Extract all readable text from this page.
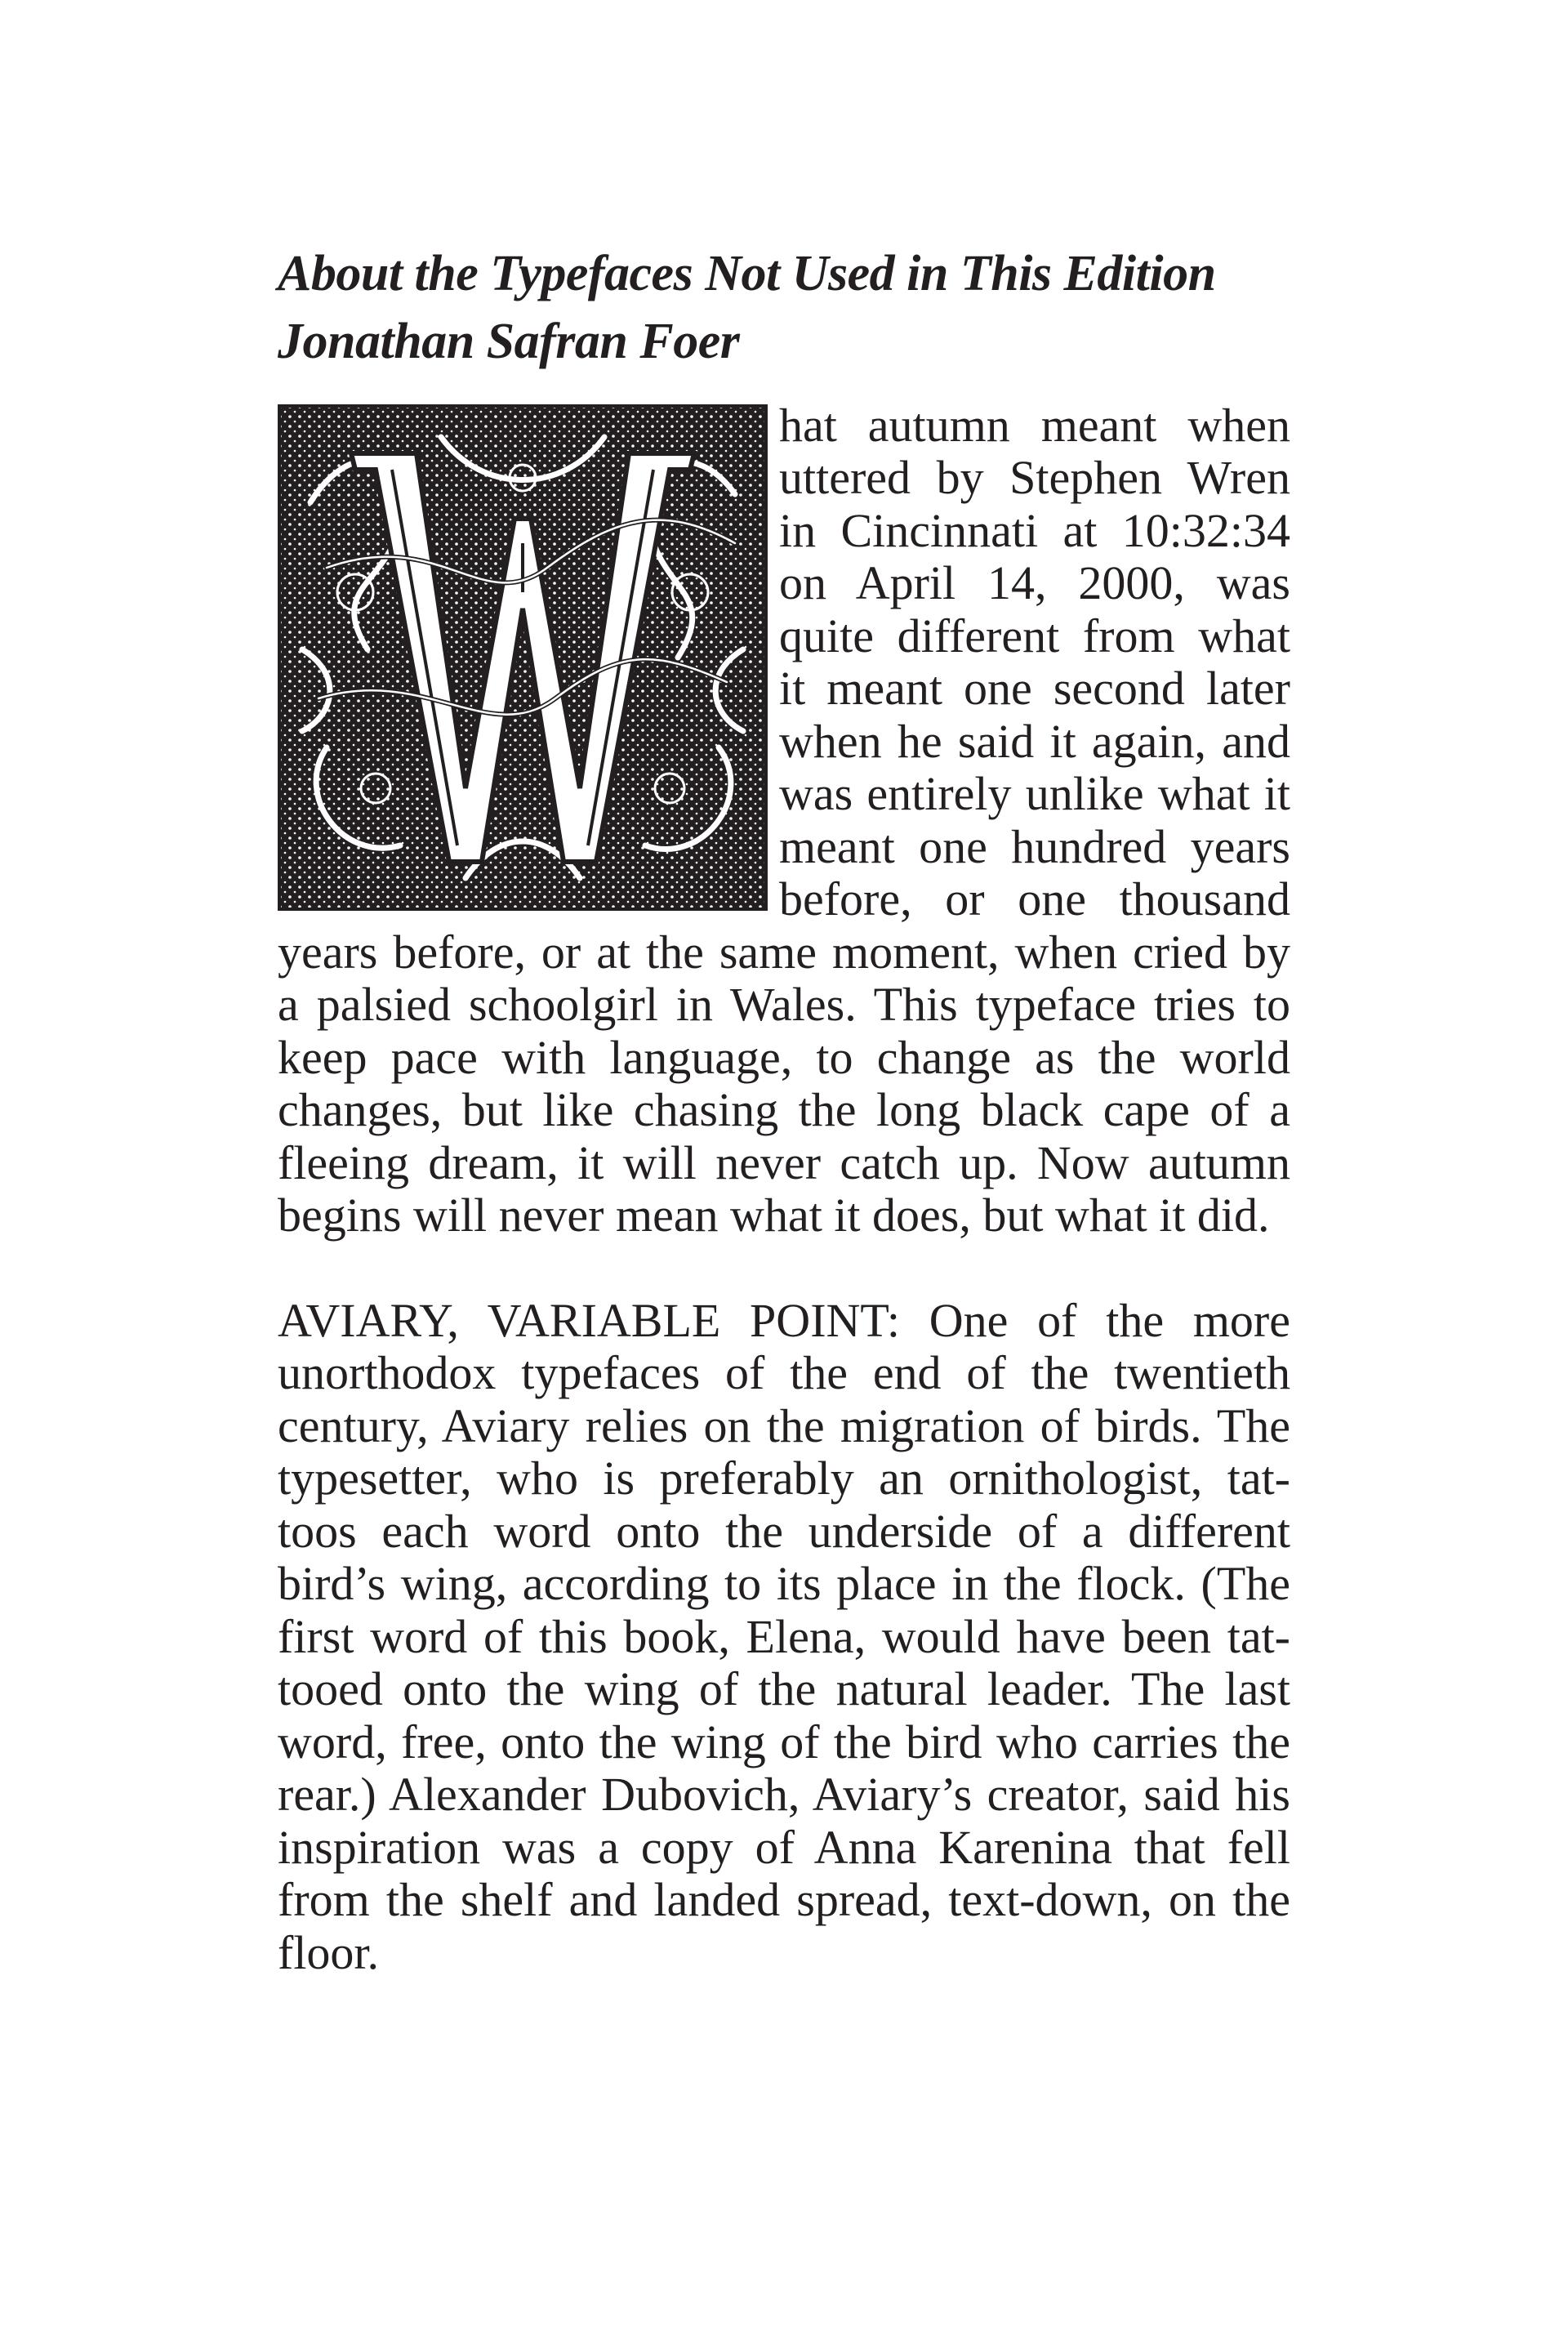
About the Typefaces Not Used in This Edition
Jonathan Safran Foer

hat autumn meant when uttered by Stephen Wren in Cincinnati at 10:32:34 on April 14, 2000, was quite different from what it meant one second later when he said it again, and was entirely unlike what it meant one hundred years before, or one thousand years before, or at the same moment, when cried by a palsied schoolgirl in Wales. This typeface tries to keep pace with language, to change as the world changes, but like chasing the long black cape of a fleeing dream, it will never catch up. Now autumn begins will never mean what it does, but what it did.

AVIARY, VARIABLE POINT: One of the more unorthodox typefaces of the end of the twentieth century, Aviary relies on the migration of birds. The typesetter, who is preferably an ornithologist, tat-toos each word onto the underside of a different bird’s wing, according to its place in the flock. (The first word of this book, Elena, would have been tat-tooed onto the wing of the natural leader. The last word, free, onto the wing of the bird who carries the rear.) Alexander Dubovich, Aviary’s creator, said his inspiration was a copy of Anna Karenina that fell from the shelf and landed spread, text-down, on the floor.
